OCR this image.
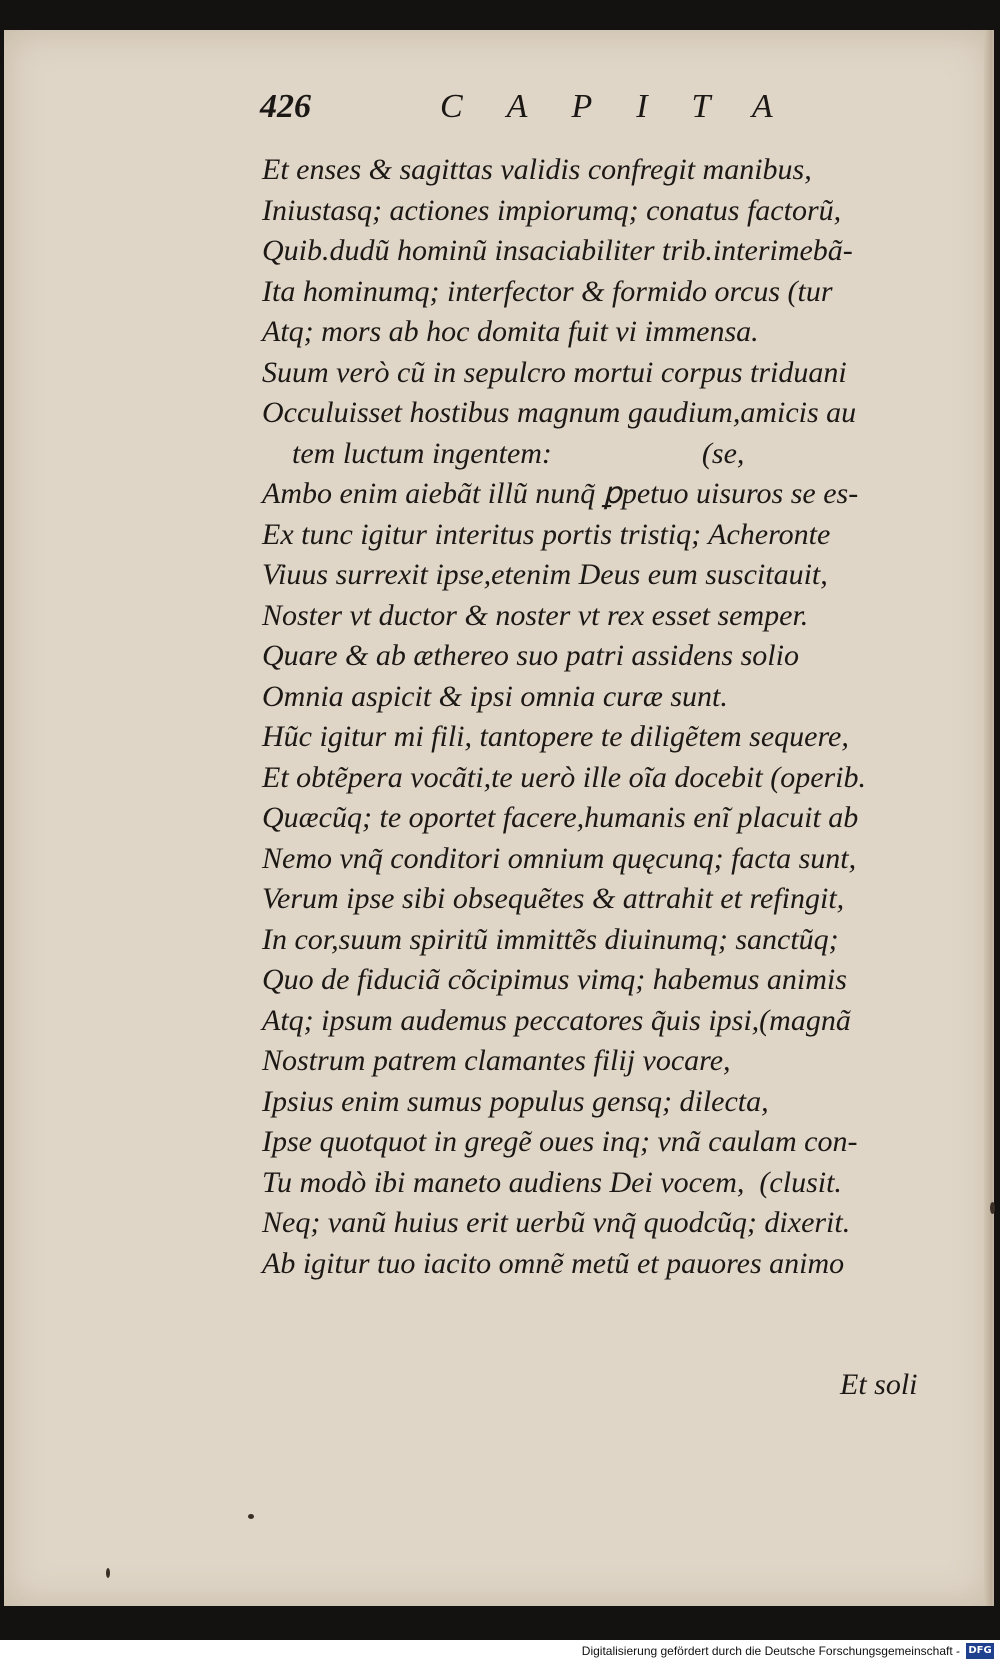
426	CAPITA
Et enses & sagittas validis confregit manibus,
Iniustasq; actiones impiorumq; conatus factorũ,
Quib.dudũ hominũ insaciabiliter trib.interimebã-
Ita hominumq; interfector & formido orcus (tur
Atq; mors ab hoc domita fuit vi immensa.
Suum verò cũ in sepulcro mortui corpus triduani
Occuluisset hostibus magnum gaudium,amicis au
tem luctum ingentem:                    (se,
Ambo enim aiebãt illũ nunq̃ ꝑpetuo uisuros se es-
Ex tunc igitur interitus portis tristiq; Acheronte
Viuus surrexit ipse,etenim Deus eum suscitauit,
Noster vt ductor & noster vt rex esset semper.
Quare & ab æthereo suo patri assidens solio
Omnia aspicit & ipsi omnia curæ sunt.
Hũc igitur mi fili, tantopere te diligẽtem sequere,
Et obtẽpera vocãti,te uerò ille oĩa docebit (operib.
Quæcũq; te oportet facere,humanis enĩ placuit ab
Nemo vnq̃ conditori omnium quęcunq; facta sunt,
Verum ipse sibi obsequẽtes & attrahit et refingit,
In cor,suum spiritũ immittẽs diuinumq; sanctũq;
Quo de fiduciã cõcipimus vimq; habemus animis
Atq; ipsum audemus peccatores q̃uis ipsi,(magnã
Nostrum patrem clamantes filij vocare,
Ipsius enim sumus populus gensq; dilecta,
Ipse quotquot in gregẽ oues inq; vnã caulam con-
Tu modò ibi maneto audiens Dei vocem,  (clusit.
Neq; vanũ huius erit uerbũ vnq̃ quodcũq; dixerit.
Ab igitur tuo iacito omnẽ metũ et pauores animo
Et soli
Digitalisierung gefördert durch die Deutsche Forschungsgemeinschaft - DFG
